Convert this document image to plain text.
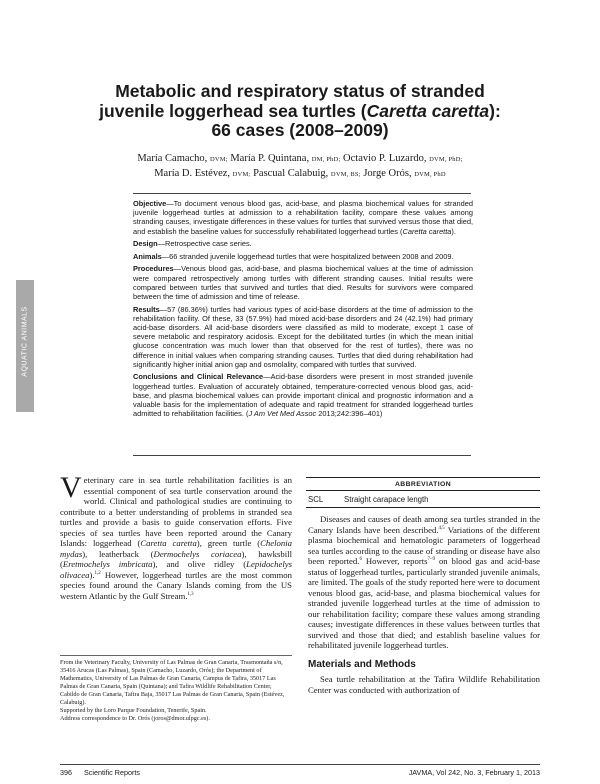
Metabolic and respiratory status of stranded
juvenile loggerhead sea turtles (Caretta caretta):
66 cases (2008–2009)
María Camacho, DVM; María P. Quintana, DM, PhD; Octavio P. Luzardo, DVM, PhD;
María D. Estévez, DVM; Pascual Calabuig, DVM, BS; Jorge Orós, DVM, PhD
AQUATIC ANIMALS

Objective—To document venous blood gas, acid-base, and plasma biochemical values for stranded juvenile loggerhead turtles at admission to a rehabilitation facility, compare these values among stranding causes, investigate differences in these values for turtles that survived versus those that died, and establish the baseline values for successfully rehabilitated loggerhead turtles (Caretta caretta).

Design—Retrospective case series.

Animals—66 stranded juvenile loggerhead turtles that were hospitalized between 2008 and 2009.

Procedures—Venous blood gas, acid-base, and plasma biochemical values at the time of admission were compared retrospectively among turtles with different stranding causes. Initial results were compared between turtles that survived and turtles that died. Results for survivors were compared between the time of admission and time of release.

Results—57 (86.36%) turtles had various types of acid-base disorders at the time of admission to the rehabilitation facility. Of these, 33 (57.9%) had mixed acid-base disorders and 24 (42.1%) had primary acid-base disorders. All acid-base disorders were classified as mild to moderate, except 1 case of severe metabolic and respiratory acidosis. Except for the debilitated turtles (in which the mean initial glucose concentration was much lower than that observed for the rest of turtles), there was no difference in initial values when comparing stranding causes. Turtles that died during rehabilitation had significantly higher initial anion gap and osmolality, compared with turtles that survived.

Conclusions and Clinical Relevance—Acid-base disorders were present in most stranded juvenile loggerhead turtles. Evaluation of accurately obtained, temperature-corrected venous blood gas, acid-base, and plasma biochemical values can provide important clinical and prognostic information and a valuable basis for the implementation of adequate and rapid treatment for stranded loggerhead turtles admitted to rehabilitation facilities. (J Am Vet Med Assoc 2013;242:396–401)

Veterinary care in sea turtle rehabilitation facilities is an essential component of sea turtle conservation around the world. Clinical and pathological studies are continuing to contribute to a better understanding of problems in stranded sea turtles and provide a basis to guide conservation efforts. Five species of sea turtles have been reported around the Canary Islands: loggerhead (Caretta caretta), green turtle (Chelonia mydas), leatherback (Dermochelys coriacea), hawksbill (Eretmochelys imbricata), and olive ridley (Lepidochelys olivacea).$^{1,2}$ However, loggerhead turtles are the most common species found around the Canary Islands coming from the US western Atlantic by the Gulf Stream.$^{1,3}$

From the Veterinary Faculty, University of Las Palmas de Gran Canaria, Trasmontaña s/n, 35416 Arucas (Las Palmas), Spain (Camacho, Luzardo, Orós); the Department of Mathematics, University of Las Palmas de Gran Canaria, Campus de Tafira, 35017 Las Palmas de Gran Canaria, Spain (Quintana); and Tafira Wildlife Rehabilitation Center, Cabildo de Gran Canaria, Tafira Baja, 35017 Las Palmas de Gran Canaria, Spain (Estévez, Calabuig).

Supported by the Loro Parque Foundation, Tenerife, Spain.

Address correspondence to Dr. Orós (joros@dmor.ulpgc.es).

ABBREVIATION
SCL	Straight carapace length

Diseases and causes of death among sea turtles stranded in the Canary Islands have been described.$^{4,5}$ Variations of the different plasma biochemical and hematologic parameters of loggerhead sea turtles according to the cause of stranding or disease have also been reported.$^6$ However, reports$^{7-9}$ on blood gas and acid-base status of loggerhead turtles, particularly stranded juvenile animals, are limited. The goals of the study reported here were to document venous blood gas, acid-base, and plasma biochemical values for stranded juvenile loggerhead turtles at the time of admission to our rehabilitation facility; compare these values among stranding causes; investigate differences in these values between turtles that survived and those that died; and establish baseline values for rehabilitated juvenile loggerhead turtles.

Materials and Methods

Sea turtle rehabilitation at the Tafira Wildlife Rehabilitation Center was conducted with authorization of

396 Scientific Reports	JAVMA, Vol 242, No. 3, February 1, 2013
